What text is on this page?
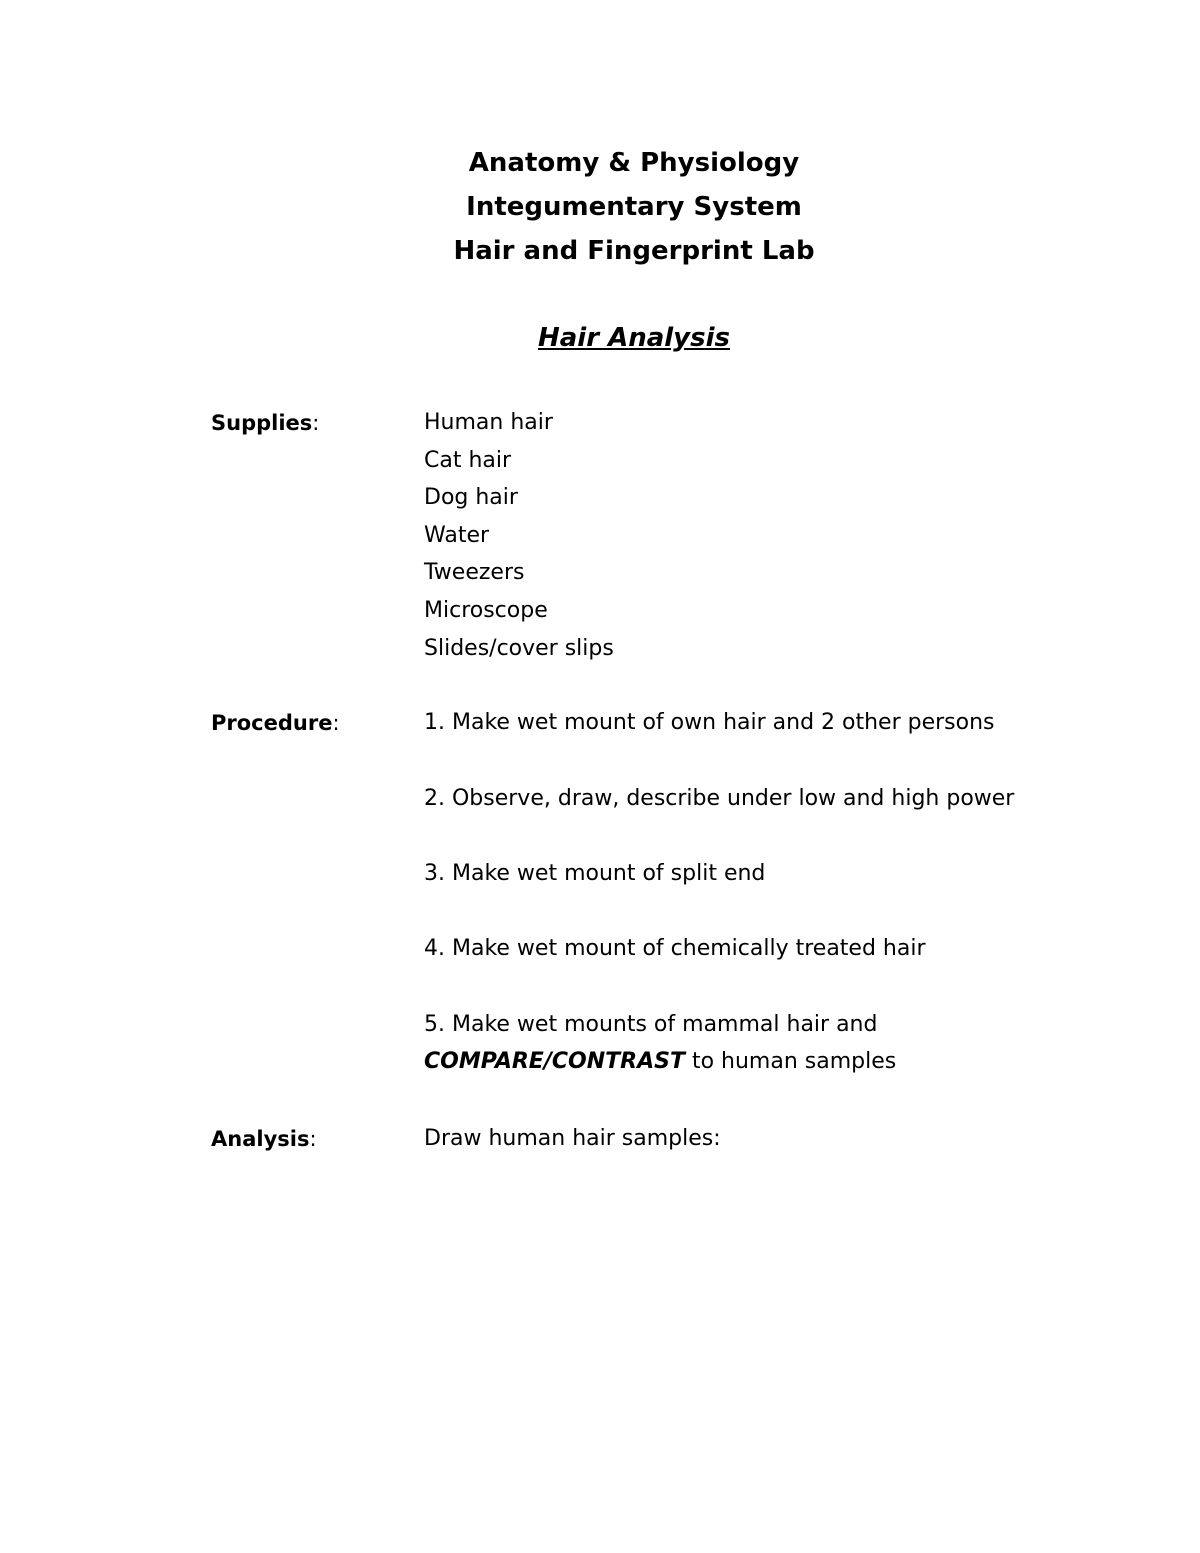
Anatomy & Physiology
Integumentary System
Hair and Fingerprint Lab
Hair Analysis
Supplies:	Human hair
Cat hair
Dog hair
Water
Tweezers
Microscope
Slides/cover slips
Procedure:	1. Make wet mount of own hair and 2 other persons
2. Observe, draw, describe under low and high power
3. Make wet mount of split end
4. Make wet mount of chemically treated hair
5. Make wet mounts of mammal hair and
COMPARE/CONTRAST to human samples
Analysis:	Draw human hair samples:
